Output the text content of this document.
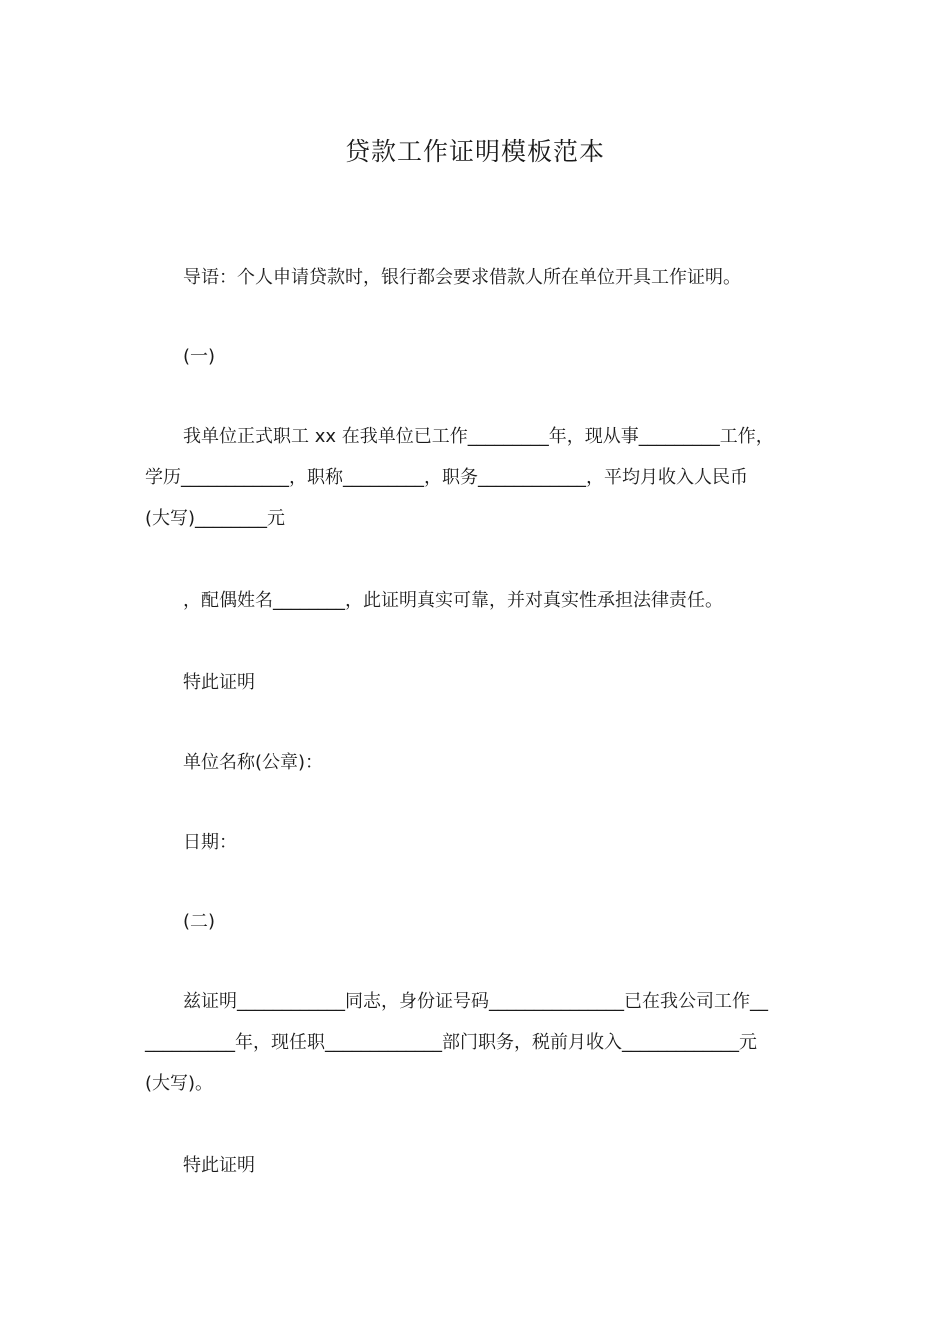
贷款工作证明模板范本

导语：个人申请贷款时，银行都会要求借款人所在单位开具工作证明。

(一)

我单位正式职工 xx 在我单位已工作_________年，现从事_________工作，

学历____________，职称_________，职务____________，平均月收入人民币

(大写)________元

，配偶姓名________，此证明真实可靠，并对真实性承担法律责任。

特此证明

单位名称(公章)：

日期：

(二)

兹证明____________同志，身份证号码_______________已在我公司工作__

__________年，现任职_____________部门职务，税前月收入_____________元

(大写)。

特此证明
